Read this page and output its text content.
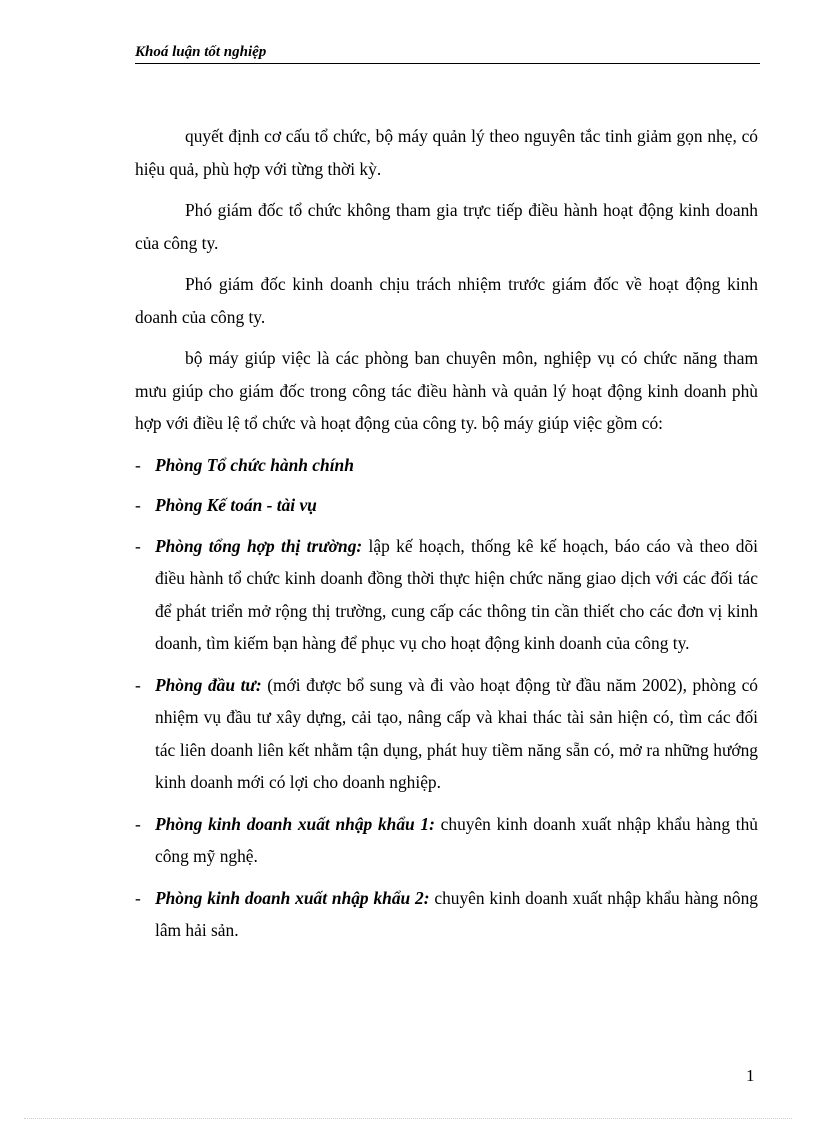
Khoá luận tốt nghiệp

quyết định cơ cấu tổ chức, bộ máy quản lý theo nguyên tắc tinh giảm gọn nhẹ, có hiệu quả, phù hợp với từng thời kỳ.

Phó giám đốc tổ chức không tham gia trực tiếp điều hành hoạt động kinh doanh của công ty.

Phó giám đốc kinh doanh chịu trách nhiệm trước giám đốc về hoạt động kinh doanh của công ty.

bộ máy giúp việc là các phòng ban chuyên môn, nghiệp vụ có chức năng tham mưu giúp cho giám đốc trong công tác điều hành và quản lý hoạt động kinh doanh phù hợp với điều lệ tổ chức và hoạt động của công ty. bộ máy giúp việc gồm có:

- Phòng Tổ chức hành chính
- Phòng Kế toán - tài vụ
- Phòng tổng hợp thị trường: lập kế hoạch, thống kê kế hoạch, báo cáo và theo dõi điều hành tổ chức kinh doanh đồng thời thực hiện chức năng giao dịch với các đối tác để phát triển mở rộng thị trường, cung cấp các thông tin cần thiết cho các đơn vị kinh doanh, tìm kiếm bạn hàng để phục vụ cho hoạt động kinh doanh của công ty.
- Phòng đầu tư: (mới được bổ sung và đi vào hoạt động từ đầu năm 2002), phòng có nhiệm vụ đầu tư xây dựng, cải tạo, nâng cấp và khai thác tài sản hiện có, tìm các đối tác liên doanh liên kết nhằm tận dụng, phát huy tiềm năng sẵn có, mở ra những hướng kinh doanh mới có lợi cho doanh nghiệp.
- Phòng kinh doanh xuất nhập khẩu 1: chuyên kinh doanh xuất nhập khẩu hàng thủ công mỹ nghệ.
- Phòng kinh doanh xuất nhập khẩu 2: chuyên kinh doanh xuất nhập khẩu hàng nông lâm hải sản.
1
